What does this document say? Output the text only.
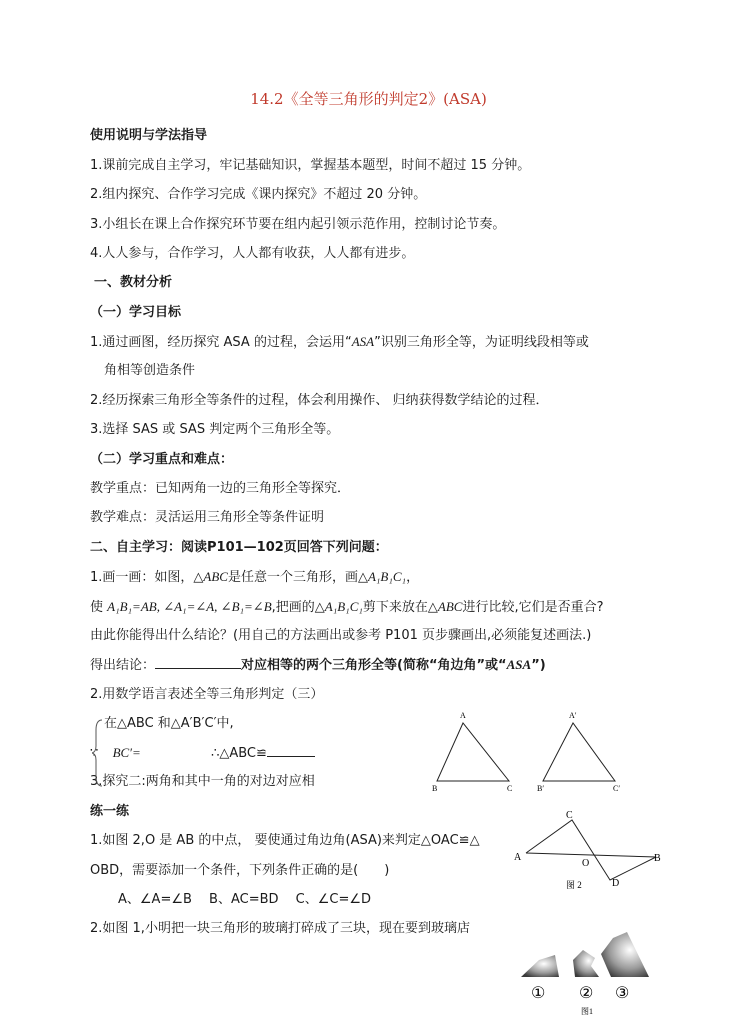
14.2《全等三角形的判定2》(ASA)
使用说明与学法指导
1.课前完成自主学习，牢记基础知识，掌握基本题型，时间不超过 15 分钟。
2.组内探究、合作学习完成《课内探究》不超过 20 分钟。
3.小组长在课上合作探究环节要在组内起引领示范作用，控制讨论节奏。
4.人人参与，合作学习，人人都有收获，人人都有进步。
一、教材分析
（一）学习目标
1.通过画图，经历探究 ASA 的过程，会运用“ASA”识别三角形全等，为证明线段相等或
角相等创造条件
2.经历探索三角形全等条件的过程，体会利用操作、 归纳获得数学结论的过程．
3.选择 SAS 或 SAS 判定两个三角形全等。
（二）学习重点和难点：
教学重点：已知两角一边的三角形全等探究．
教学难点：灵活运用三角形全等条件证明
二、自主学习：阅读P101—102页回答下列问题：
1.画一画：如图，△ABC是任意一个三角形，画△A₁B₁C₁，
使 A₁B₁=AB, ∠A₁=∠A, ∠B₁=∠B,把画的△A₁B₁C₁剪下来放在△ABC进行比较,它们是否重合?
由此你能得出什么结论？(用自己的方法画出或参考 P101 页步骤画出,必须能复述画法.)
得出结论：	对应相等的两个三角形全等(简称“角边角”或“ASA”)
2.用数学语言表述全等三角形判定（三）
在△ABC 和△A′B′C′中,
∵ BC′=	∴△ABC≌
3.探究二:两角和其中一角的对边对应相
A
B	C
A′
B′	C′
练一练
1.如图 2,O 是 AB 的中点， 要使通过角边角(ASA)来判定△OAC≌△
OBD，需要添加一个条件，下列条件正确的是(　　)
A、∠A=∠B　 B、AC=BD　 C、∠C=∠D
2.如图 1,小明把一块三角形的玻璃打碎成了三块，现在要到玻璃店
C
A
O	B
D
图 2
① ② ③
图1
